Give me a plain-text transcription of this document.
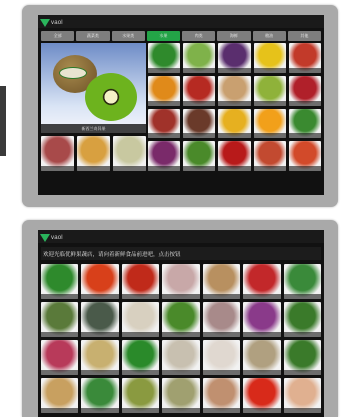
vaol
全部	蔬菜类	水果类	水果	肉类	海鲜	粮油	其他
新西兰奇异果
vaol
欢迎光临优鲜果蔬店，请向着新鲜食品前进吧，点击按钮
